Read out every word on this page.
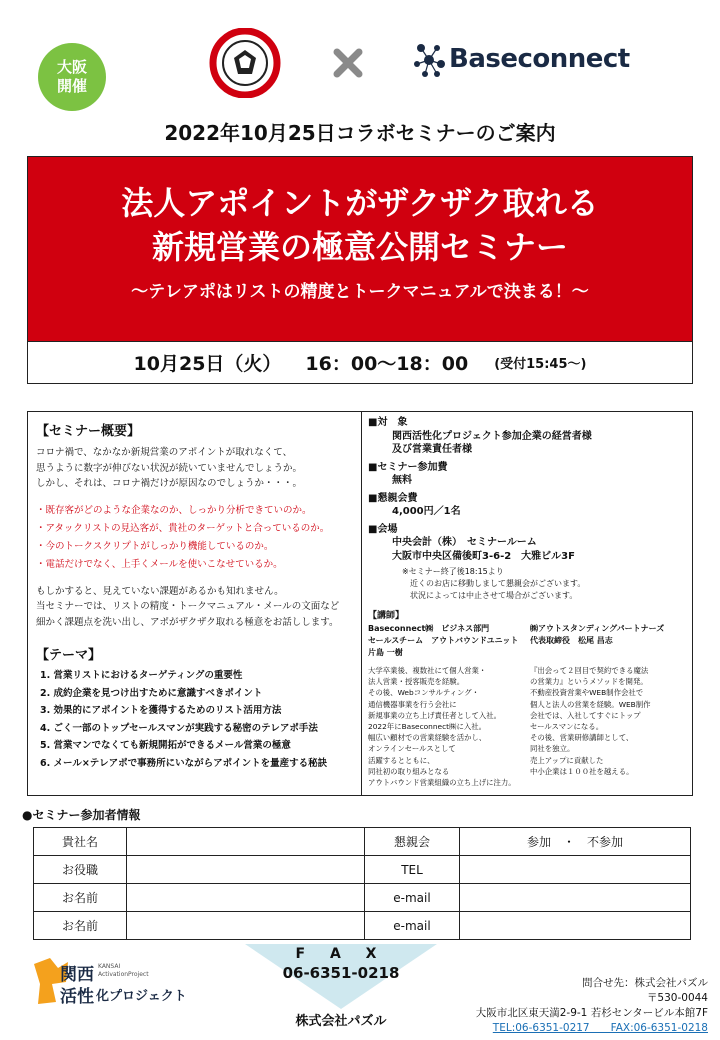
大阪
開催
Baseconnect
2022年10月25日コラボセミナーのご案内
法人アポイントがザクザク取れる
新規営業の極意公開セミナー
～テレアポはリストの精度とトークマニュアルで決まる！～
10月25日（火） 16：00～18：00 (受付15:45～)
【セミナー概要】
コロナ禍で、なかなか新規営業のアポイントが取れなくて、
思うように数字が伸びない状況が続いていませんでしょうか。
しかし、それは、コロナ禍だけが原因なのでしょうか・・・。
・既存客がどのような企業なのか、しっかり分析できていのか。
・アタックリストの見込客が、貴社のターゲットと合っているのか。
・今のトークスクリプトがしっかり機能しているのか。
・電話だけでなく、上手くメールを使いこなせているか。
もしかすると、見えていない課題があるかも知れません。
当セミナーでは、リストの精度・トークマニュアル・メールの文面など
細かく課題点を洗い出し、アポがザクザク取れる極意をお話しします。
【テーマ】
1. 営業リストにおけるターゲティングの重要性
2. 成約企業を見つけ出すために意識すべきポイント
3. 効果的にアポイントを獲得するためのリスト活用方法
4. ごく一部のトップセールスマンが実践する秘密のテレアポ手法
5. 営業マンでなくても新規開拓ができるメール営業の極意
6. メール×テレアポで事務所にいながらアポイントを量産する秘訣
■対　象
関西活性化プロジェクト参加企業の経営者様
及び営業責任者様
■セミナー参加費
無料
■懇親会費
4,000円／1名
■会場
中央会計（株）　セミナールーム
大阪市中央区備後町3-6-2　大雅ビル3F
※セミナー終了後18:15より
近くのお店に移動しまして懇親会がございます。
状況によっては中止させて場合がございます。
【講師】
Baseconnect㈱　ビジネス部門
セールスチーム　アウトバウンドユニット
片島 一樹
大学卒業後、複数社にて個人営業・
法人営業・授客販売を経験。
その後、Webコンサルティング・
通信機器事業を行う会社に
新規事業の立ち上げ責任者として入社。
2022年にBaseconnect㈱に入社。
幅広い顧材での営業経験を活かし、
オンラインセールスとして
活躍するとともに、
同社初の取り組みとなる
アウトバウンド営業組織の立ち上げに注力。
㈱アウトスタンディングパートナーズ
代表取締役　松尾 昌志
『出会って２回目で契約できる魔法
の営業力』というメソッドを開発。
不動産投資営業やWEB制作会社で
個人と法人の営業を経験。WEB制作
会社では、入社してすぐにトップ
セールスマンになる。
その後、営業研修講師として、
同社を独立。
売上アップに貢献した
中小企業は１００社を越える。
●セミナー参加者情報
貴社名		懇親会	参加　・　不参加
お役職		TEL	
お名前		e-mail	
お名前		e-mail	
関西
活性
KANSAI
ActivationProject
化プロジェクト
F A X
06-6351-0218
株式会社パズル
問合せ先：株式会社パズル
〒530-0044
大阪市北区東天満2-9-1 若杉センタービル本館7F
TEL:06-6351-0217　　FAX:06-6351-0218
